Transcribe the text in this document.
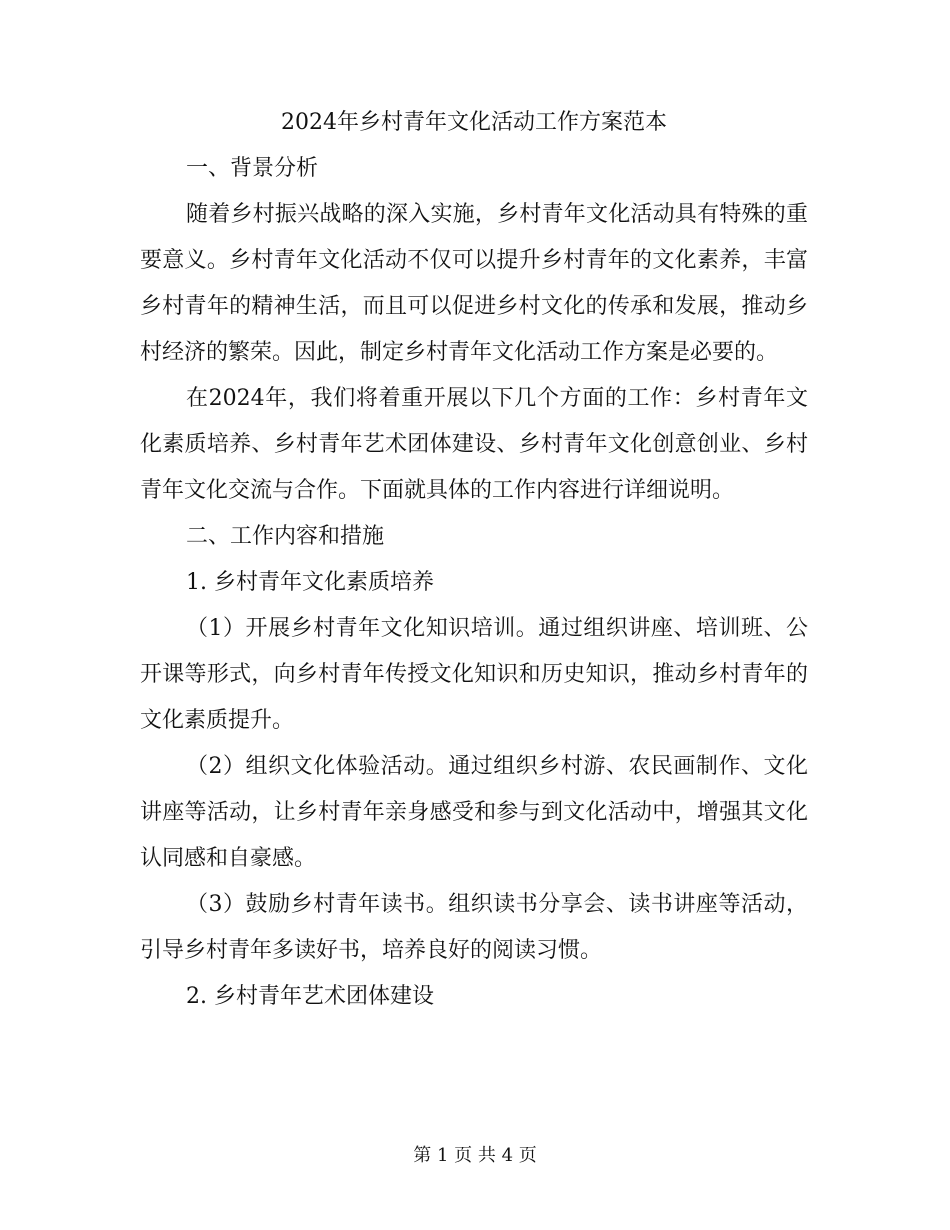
2024年乡村青年文化活动工作方案范本

一、背景分析

随着乡村振兴战略的深入实施，乡村青年文化活动具有特殊的重要意义。乡村青年文化活动不仅可以提升乡村青年的文化素养，丰富乡村青年的精神生活，而且可以促进乡村文化的传承和发展，推动乡村经济的繁荣。因此，制定乡村青年文化活动工作方案是必要的。

在2024年，我们将着重开展以下几个方面的工作：乡村青年文化素质培养、乡村青年艺术团体建设、乡村青年文化创意创业、乡村青年文化交流与合作。下面就具体的工作内容进行详细说明。

二、工作内容和措施

1. 乡村青年文化素质培养

（1）开展乡村青年文化知识培训。通过组织讲座、培训班、公开课等形式，向乡村青年传授文化知识和历史知识，推动乡村青年的文化素质提升。

（2）组织文化体验活动。通过组织乡村游、农民画制作、文化讲座等活动，让乡村青年亲身感受和参与到文化活动中，增强其文化认同感和自豪感。

（3）鼓励乡村青年读书。组织读书分享会、读书讲座等活动，引导乡村青年多读好书，培养良好的阅读习惯。

2. 乡村青年艺术团体建设

第 1 页 共 4 页
